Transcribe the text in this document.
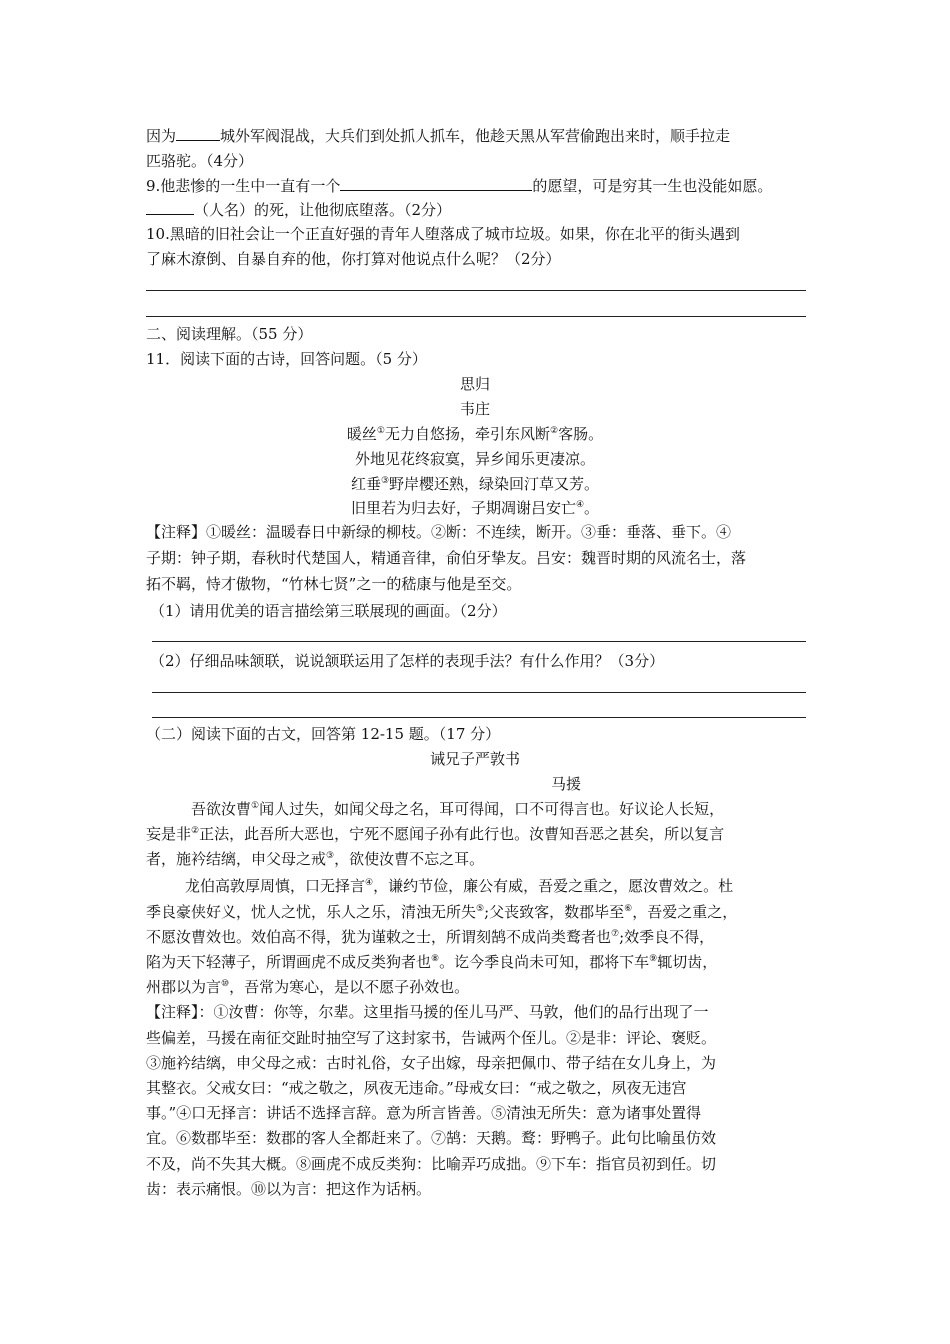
因为	城外军阀混战，大兵们到处抓人抓车，他趁天黑从军营偷跑出来时，顺手拉走
匹骆驼。（4分）
9.他悲惨的一生中一直有一个	的愿望，可是穷其一生也没能如愿。
（人名）的死，让他彻底堕落。（2分）
10.黑暗的旧社会让一个正直好强的青年人堕落成了城市垃圾。如果，你在北平的街头遇到
了麻木潦倒、自暴自弃的他，你打算对他说点什么呢？（2分）
二、阅读理解。（55 分）
11．阅读下面的古诗，回答问题。（5 分）
思归
韦庄
暖丝①无力自悠扬，牵引东风断②客肠。
外地见花终寂寞，异乡闻乐更凄凉。
红垂③野岸樱还熟，绿染回汀草又芳。
旧里若为归去好，子期凋谢吕安亡④。
【注释】①暖丝：温暖春日中新绿的柳枝。②断：不连续，断开。③垂：垂落、垂下。④
子期：钟子期，春秋时代楚国人，精通音律，俞伯牙挚友。吕安：魏晋时期的风流名士，落
拓不羁，恃才傲物，“竹林七贤”之一的嵇康与他是至交。
（1）请用优美的语言描绘第三联展现的画面。（2分）
（2）仔细品味颔联，说说颔联运用了怎样的表现手法？有什么作用？（3分）
（二）阅读下面的古文，回答第 12-15 题。（17 分）
诫兄子严敦书
马援
吾欲汝曹①闻人过失，如闻父母之名，耳可得闻，口不可得言也。好议论人长短，
妄是非②正法，此吾所大恶也，宁死不愿闻子孙有此行也。汝曹知吾恶之甚矣，所以复言
者，施衿结缡，申父母之戒③，欲使汝曹不忘之耳。
龙伯高敦厚周慎，口无择言④，谦约节俭，廉公有威，吾爱之重之，愿汝曹效之。杜
季良豪侠好义，忧人之忧，乐人之乐，清浊无所失⑤;父丧致客，数郡毕至⑥，吾爱之重之，
不愿汝曹效也。效伯高不得，犹为谨敕之士，所谓刻鹄不成尚类鹜者也⑦;效季良不得，
陷为天下轻薄子，所谓画虎不成反类狗者也⑧。讫今季良尚未可知，郡将下车⑨辄切齿，
州郡以为言⑩，吾常为寒心，是以不愿子孙效也。
【注释】：①汝曹：你等，尔辈。这里指马援的侄儿马严、马敦，他们的品行出现了一
些偏差，马援在南征交趾时抽空写了这封家书，告诫两个侄儿。②是非：评论、褒贬。
③施衿结缡，申父母之戒：古时礼俗，女子出嫁，母亲把佩巾、带子结在女儿身上，为
其整衣。父戒女曰：“戒之敬之，夙夜无违命。”母戒女曰：“戒之敬之，夙夜无违宫
事。”④口无择言：讲话不选择言辞。意为所言皆善。⑤清浊无所失：意为诸事处置得
宜。⑥数郡毕至：数郡的客人全都赶来了。⑦鹄：天鹅。鹜：野鸭子。此句比喻虽仿效
不及，尚不失其大概。⑧画虎不成反类狗：比喻弄巧成拙。⑨下车：指官员初到任。切
齿：表示痛恨。⑩以为言：把这作为话柄。
